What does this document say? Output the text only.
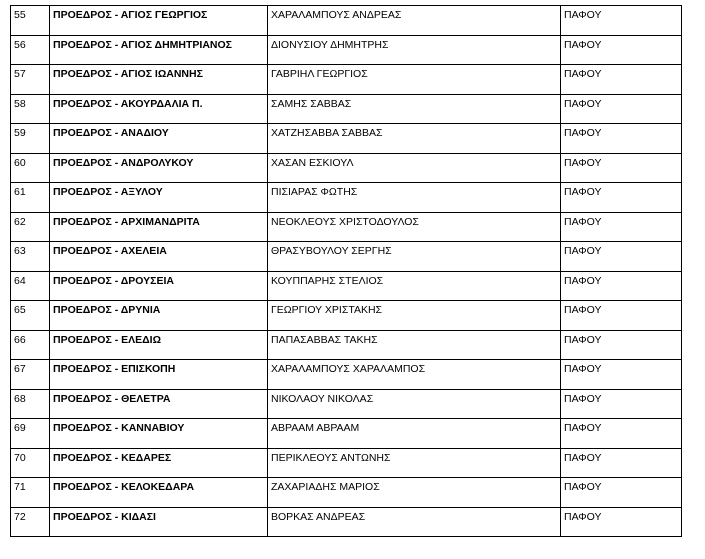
55	ΠΡΟΕΔΡΟΣ - ΑΓΙΟΣ ΓΕΩΡΓΙΟΣ	ΧΑΡΑΛΑΜΠΟΥΣ ΑΝΔΡΕΑΣ	ΠΑΦΟΥ

56	ΠΡΟΕΔΡΟΣ - ΑΓΙΟΣ ΔΗΜΗΤΡΙΑΝΟΣ	ΔΙΟΝΥΣΙΟΥ ΔΗΜΗΤΡΗΣ	ΠΑΦΟΥ

57	ΠΡΟΕΔΡΟΣ - ΑΓΙΟΣ ΙΩΑΝΝΗΣ	ΓΑΒΡΙΗΛ ΓΕΩΡΓΙΟΣ	ΠΑΦΟΥ

58	ΠΡΟΕΔΡΟΣ - ΑΚΟΥΡΔΑΛΙΑ Π.	ΣΑΜΗΣ ΣΑΒΒΑΣ	ΠΑΦΟΥ

59	ΠΡΟΕΔΡΟΣ - ΑΝΑΔΙΟΥ	ΧΑΤΖΗΣΑΒΒΑ ΣΑΒΒΑΣ	ΠΑΦΟΥ

60	ΠΡΟΕΔΡΟΣ - ΑΝΔΡΟΛΥΚΟΥ	ΧΑΣΑΝ ΕΣΚΙΟΥΛ	ΠΑΦΟΥ

61	ΠΡΟΕΔΡΟΣ - ΑΞΥΛΟΥ	ΠΙΣΙΑΡΑΣ ΦΩΤΗΣ	ΠΑΦΟΥ

62	ΠΡΟΕΔΡΟΣ - ΑΡΧΙΜΑΝΔΡΙΤΑ	ΝΕΟΚΛΕΟΥΣ ΧΡΙΣΤΟΔΟΥΛΟΣ	ΠΑΦΟΥ

63	ΠΡΟΕΔΡΟΣ - ΑΧΕΛΕΙΑ	ΘΡΑΣΥΒΟΥΛΟΥ ΣΕΡΓΗΣ	ΠΑΦΟΥ

64	ΠΡΟΕΔΡΟΣ - ΔΡΟΥΣΕΙΑ	ΚΟΥΠΠΑΡΗΣ ΣΤΕΛΙΟΣ	ΠΑΦΟΥ

65	ΠΡΟΕΔΡΟΣ - ΔΡΥΝΙΑ	ΓΕΩΡΓΙΟΥ ΧΡΙΣΤΑΚΗΣ	ΠΑΦΟΥ

66	ΠΡΟΕΔΡΟΣ - ΕΛΕΔΙΩ	ΠΑΠΑΣΑΒΒΑΣ ΤΑΚΗΣ	ΠΑΦΟΥ

67	ΠΡΟΕΔΡΟΣ - ΕΠΙΣΚΟΠΗ	ΧΑΡΑΛΑΜΠΟΥΣ ΧΑΡΑΛΑΜΠΟΣ	ΠΑΦΟΥ

68	ΠΡΟΕΔΡΟΣ - ΘΕΛΕΤΡΑ	ΝΙΚΟΛΑΟΥ ΝΙΚΟΛΑΣ	ΠΑΦΟΥ

69	ΠΡΟΕΔΡΟΣ - ΚΑΝΝΑΒΙΟΥ	ΑΒΡΑΑΜ ΑΒΡΑΑΜ	ΠΑΦΟΥ

70	ΠΡΟΕΔΡΟΣ - ΚΕΔΑΡΕΣ	ΠΕΡΙΚΛΕΟΥΣ ΑΝΤΩΝΗΣ	ΠΑΦΟΥ

71	ΠΡΟΕΔΡΟΣ - ΚΕΛΟΚΕΔΑΡΑ	ΖΑΧΑΡΙΑΔΗΣ ΜΑΡΙΟΣ	ΠΑΦΟΥ

72	ΠΡΟΕΔΡΟΣ - ΚΙΔΑΣΙ	ΒΟΡΚΑΣ ΑΝΔΡΕΑΣ	ΠΑΦΟΥ
